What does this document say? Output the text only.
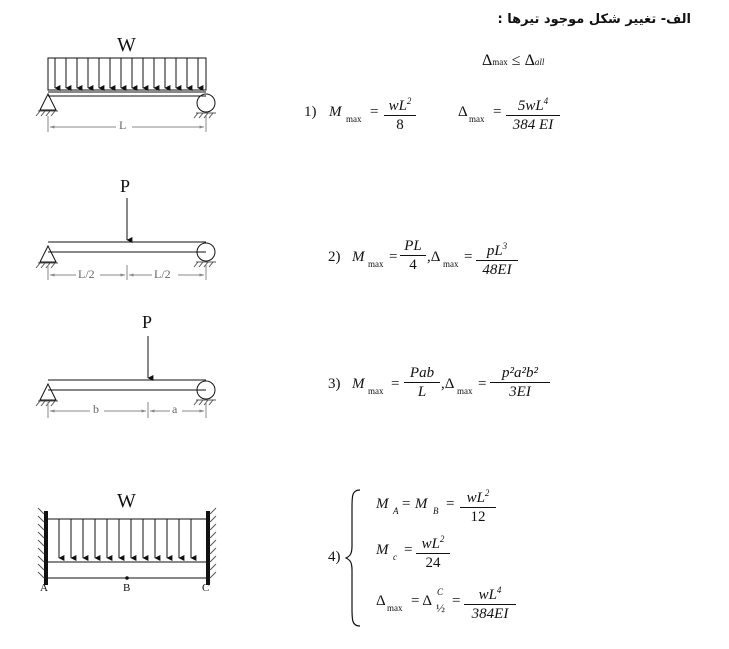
الف- تغییر شکل موجود تیرها :
Δmax ≤ Δall
W
L
P
L/2	L/2
P
b	a
W
A	B	C
1) M $\max = \frac{wL^2}{8}$	Δ $\max = \frac{5wL^4}{384 EI}$
2) M $\max = \frac{PL}{4} ,\Delta$ $\max = \frac{pL^3}{48EI}$
3) M max =
Pab
L ,Δ $\max = \frac{\text{p²a²b²}}{3EI}$
4)
M A = M $B = \frac{wL^2}{12}$
M $c = \frac{wL^2}{24}$
Δ max = Δ
C
½ = $\frac{wL^4}{384EI}$
